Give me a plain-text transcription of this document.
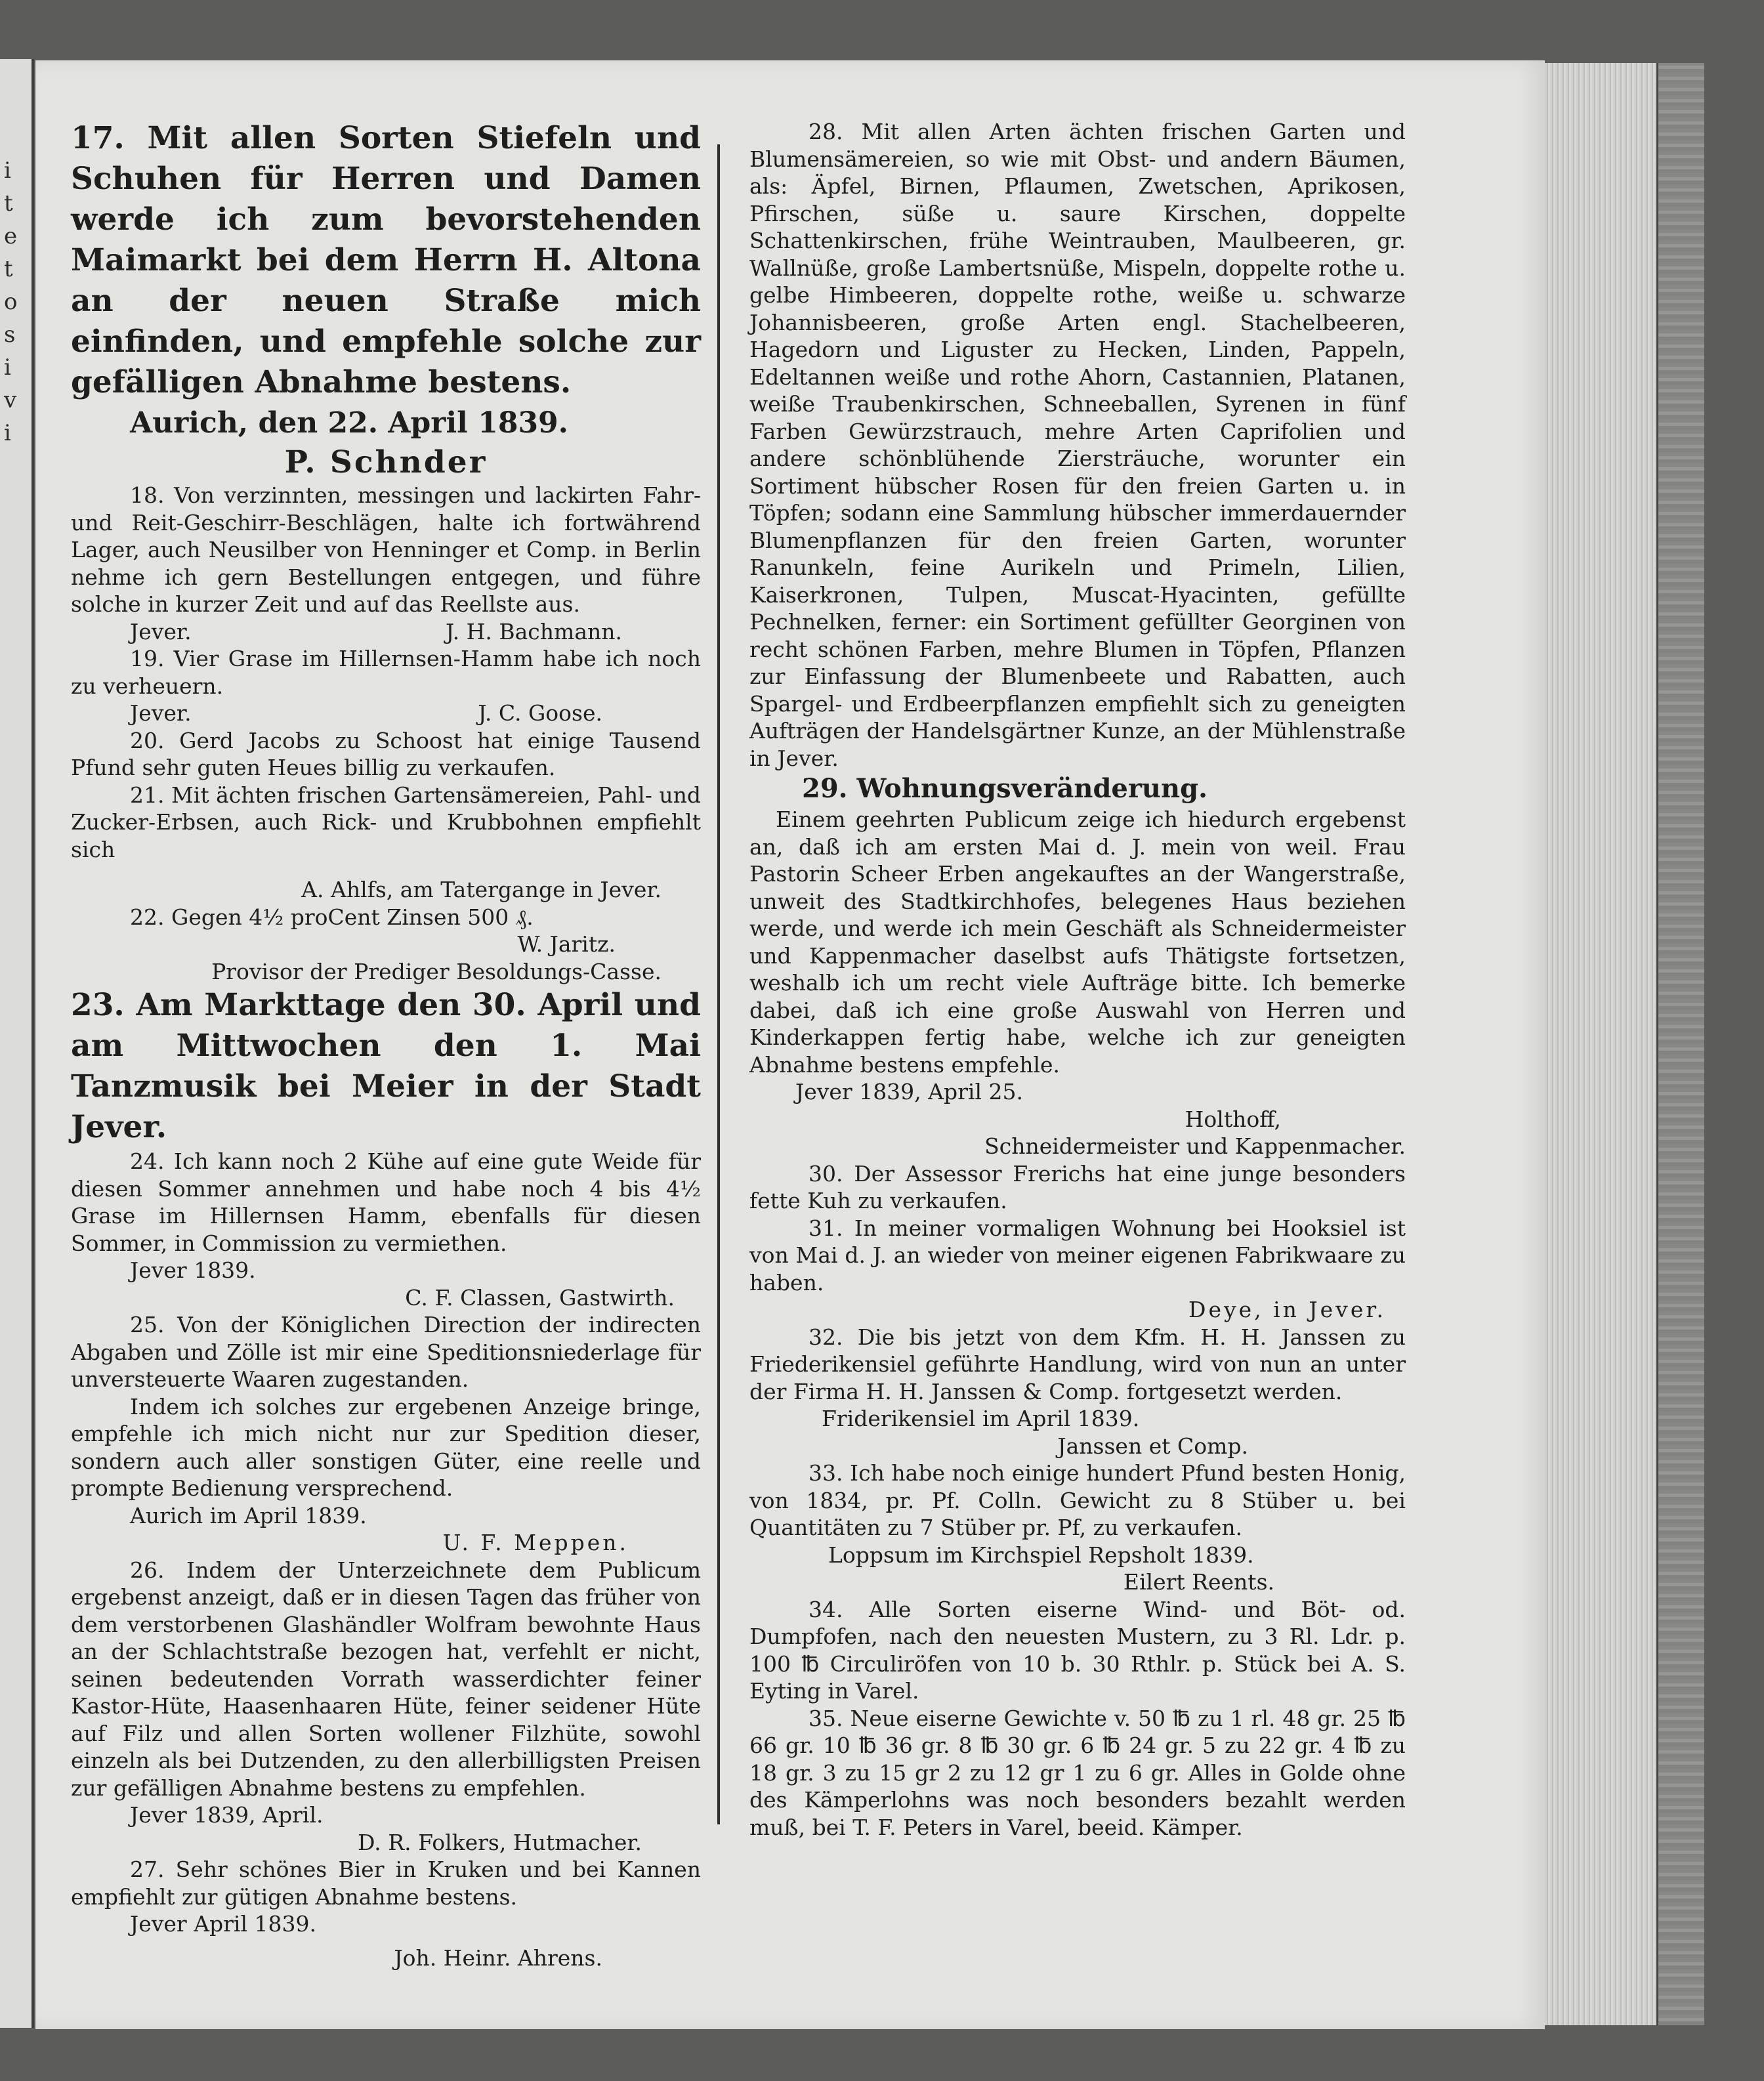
i
t
e
t
o
s
i
v
i
17. Mit allen Sorten Stiefeln und Schuhen für Herren und Damen werde ich zum bevorstehenden Maimarkt bei dem Herrn H. Altona an der neuen Straße mich einfinden, und empfehle solche zur gefälligen Abnahme bestens.
Aurich, den 22. April 1839.
P. Schnder
18. Von verzinnten, messingen und lackirten Fahr- und Reit-Geschirr-Beschlägen, halte ich fortwährend Lager, auch Neusilber von Henninger et Comp. in Berlin nehme ich gern Bestellungen entgegen, und führe solche in kurzer Zeit und auf das Reellste aus.
Jever.	J. H. Bachmann.
19. Vier Grase im Hillernsen-Hamm habe ich noch zu verheuern.
Jever.	J. C. Goose.
20. Gerd Jacobs zu Schoost hat einige Tausend Pfund sehr guten Heues billig zu verkaufen.
21. Mit ächten frischen Gartensämereien, Pahl- und Zucker-Erbsen, auch Rick- und Krubbohnen empfiehlt sich
A. Ahlfs, am Tatergange in Jever.
22. Gegen 4½ proCent Zinsen 500 ₰.
W. Jaritz.
Provisor der Prediger Besoldungs-Casse.
23. Am Markttage den 30. April und am Mittwochen den 1. Mai Tanzmusik bei Meier in der Stadt Jever.
24. Ich kann noch 2 Kühe auf eine gute Weide für diesen Sommer annehmen und habe noch 4 bis 4½ Grase im Hillernsen Hamm, ebenfalls für diesen Sommer, in Commission zu vermiethen.
Jever 1839.
C. F. Classen, Gastwirth.
25. Von der Königlichen Direction der indirecten Abgaben und Zölle ist mir eine Speditionsniederlage für unversteuerte Waaren zugestanden.
Indem ich solches zur ergebenen Anzeige bringe, empfehle ich mich nicht nur zur Spedition dieser, sondern auch aller sonstigen Güter, eine reelle und prompte Bedienung versprechend.
Aurich im April 1839.
U. F. Meppen.
26. Indem der Unterzeichnete dem Publicum ergebenst anzeigt, daß er in diesen Tagen das früher von dem verstorbenen Glashändler Wolfram bewohnte Haus an der Schlachtstraße bezogen hat, verfehlt er nicht, seinen bedeutenden Vorrath wasserdichter feiner Kastor-Hüte, Haasenhaaren Hüte, feiner seidener Hüte auf Filz und allen Sorten wollener Filzhüte, sowohl einzeln als bei Dutzenden, zu den allerbilligsten Preisen zur gefälligen Abnahme bestens zu empfehlen.
Jever 1839, April.
D. R. Folkers, Hutmacher.
27. Sehr schönes Bier in Kruken und bei Kannen empfiehlt zur gütigen Abnahme bestens.
Jever April 1839.
Joh. Heinr. Ahrens.
28. Mit allen Arten ächten frischen Garten und Blumensämereien, so wie mit Obst- und andern Bäumen, als: Äpfel, Birnen, Pflaumen, Zwetschen, Aprikosen, Pfirschen, süße u. saure Kirschen, doppelte Schattenkirschen, frühe Weintrauben, Maulbeeren, gr. Wallnüße, große Lambertsnüße, Mispeln, doppelte rothe u. gelbe Himbeeren, doppelte rothe, weiße u. schwarze Johannisbeeren, große Arten engl. Stachelbeeren, Hagedorn und Liguster zu Hecken, Linden, Pappeln, Edeltannen weiße und rothe Ahorn, Castannien, Platanen, weiße Traubenkirschen, Schneeballen, Syrenen in fünf Farben Gewürzstrauch, mehre Arten Caprifolien und andere schönblühende Ziersträuche, worunter ein Sortiment hübscher Rosen für den freien Garten u. in Töpfen; sodann eine Sammlung hübscher immerdauernder Blumenpflanzen für den freien Garten, worunter Ranunkeln, feine Aurikeln und Primeln, Lilien, Kaiserkronen, Tulpen, Muscat-Hyacinten, gefüllte Pechnelken, ferner: ein Sortiment gefüllter Georginen von recht schönen Farben, mehre Blumen in Töpfen, Pflanzen zur Einfassung der Blumenbeete und Rabatten, auch Spargel- und Erdbeerpflanzen empfiehlt sich zu geneigten Aufträgen der Handelsgärtner Kunze, an der Mühlenstraße in Jever.
29. Wohnungsveränderung.
Einem geehrten Publicum zeige ich hiedurch ergebenst an, daß ich am ersten Mai d. J. mein von weil. Frau Pastorin Scheer Erben angekauftes an der Wangerstraße, unweit des Stadtkirchhofes, belegenes Haus beziehen werde, und werde ich mein Geschäft als Schneidermeister und Kappenmacher daselbst aufs Thätigste fortsetzen, weshalb ich um recht viele Aufträge bitte. Ich bemerke dabei, daß ich eine große Auswahl von Herren und Kinderkappen fertig habe, welche ich zur geneigten Abnahme bestens empfehle.
Jever 1839, April 25.
Holthoff,
Schneidermeister und Kappenmacher.
30. Der Assessor Frerichs hat eine junge besonders fette Kuh zu verkaufen.
31. In meiner vormaligen Wohnung bei Hooksiel ist von Mai d. J. an wieder von meiner eigenen Fabrikwaare zu haben.
Deye, in Jever.
32. Die bis jetzt von dem Kfm. H. H. Janssen zu Friederikensiel geführte Handlung, wird von nun an unter der Firma H. H. Janssen & Comp. fortgesetzt werden.
Friderikensiel im April 1839.
Janssen et Comp.
33. Ich habe noch einige hundert Pfund besten Honig, von 1834, pr. Pf. Colln. Gewicht zu 8 Stüber u. bei Quantitäten zu 7 Stüber pr. Pf, zu verkaufen.
Loppsum im Kirchspiel Repsholt 1839.
Eilert Reents.
34. Alle Sorten eiserne Wind- und Böt- od. Dumpfofen, nach den neuesten Mustern, zu 3 Rl. Ldr. p. 100 ℔ Circuliröfen von 10 b. 30 Rthlr. p. Stück bei A. S. Eyting in Varel.
35. Neue eiserne Gewichte v. 50 ℔ zu 1 rl. 48 gr. 25 ℔ 66 gr. 10 ℔ 36 gr. 8 ℔ 30 gr. 6 ℔ 24 gr. 5 zu 22 gr. 4 ℔ zu 18 gr. 3 zu 15 gr 2 zu 12 gr 1 zu 6 gr. Alles in Golde ohne des Kämperlohns was noch besonders bezahlt werden muß, bei T. F. Peters in Varel, beeid. Kämper.
